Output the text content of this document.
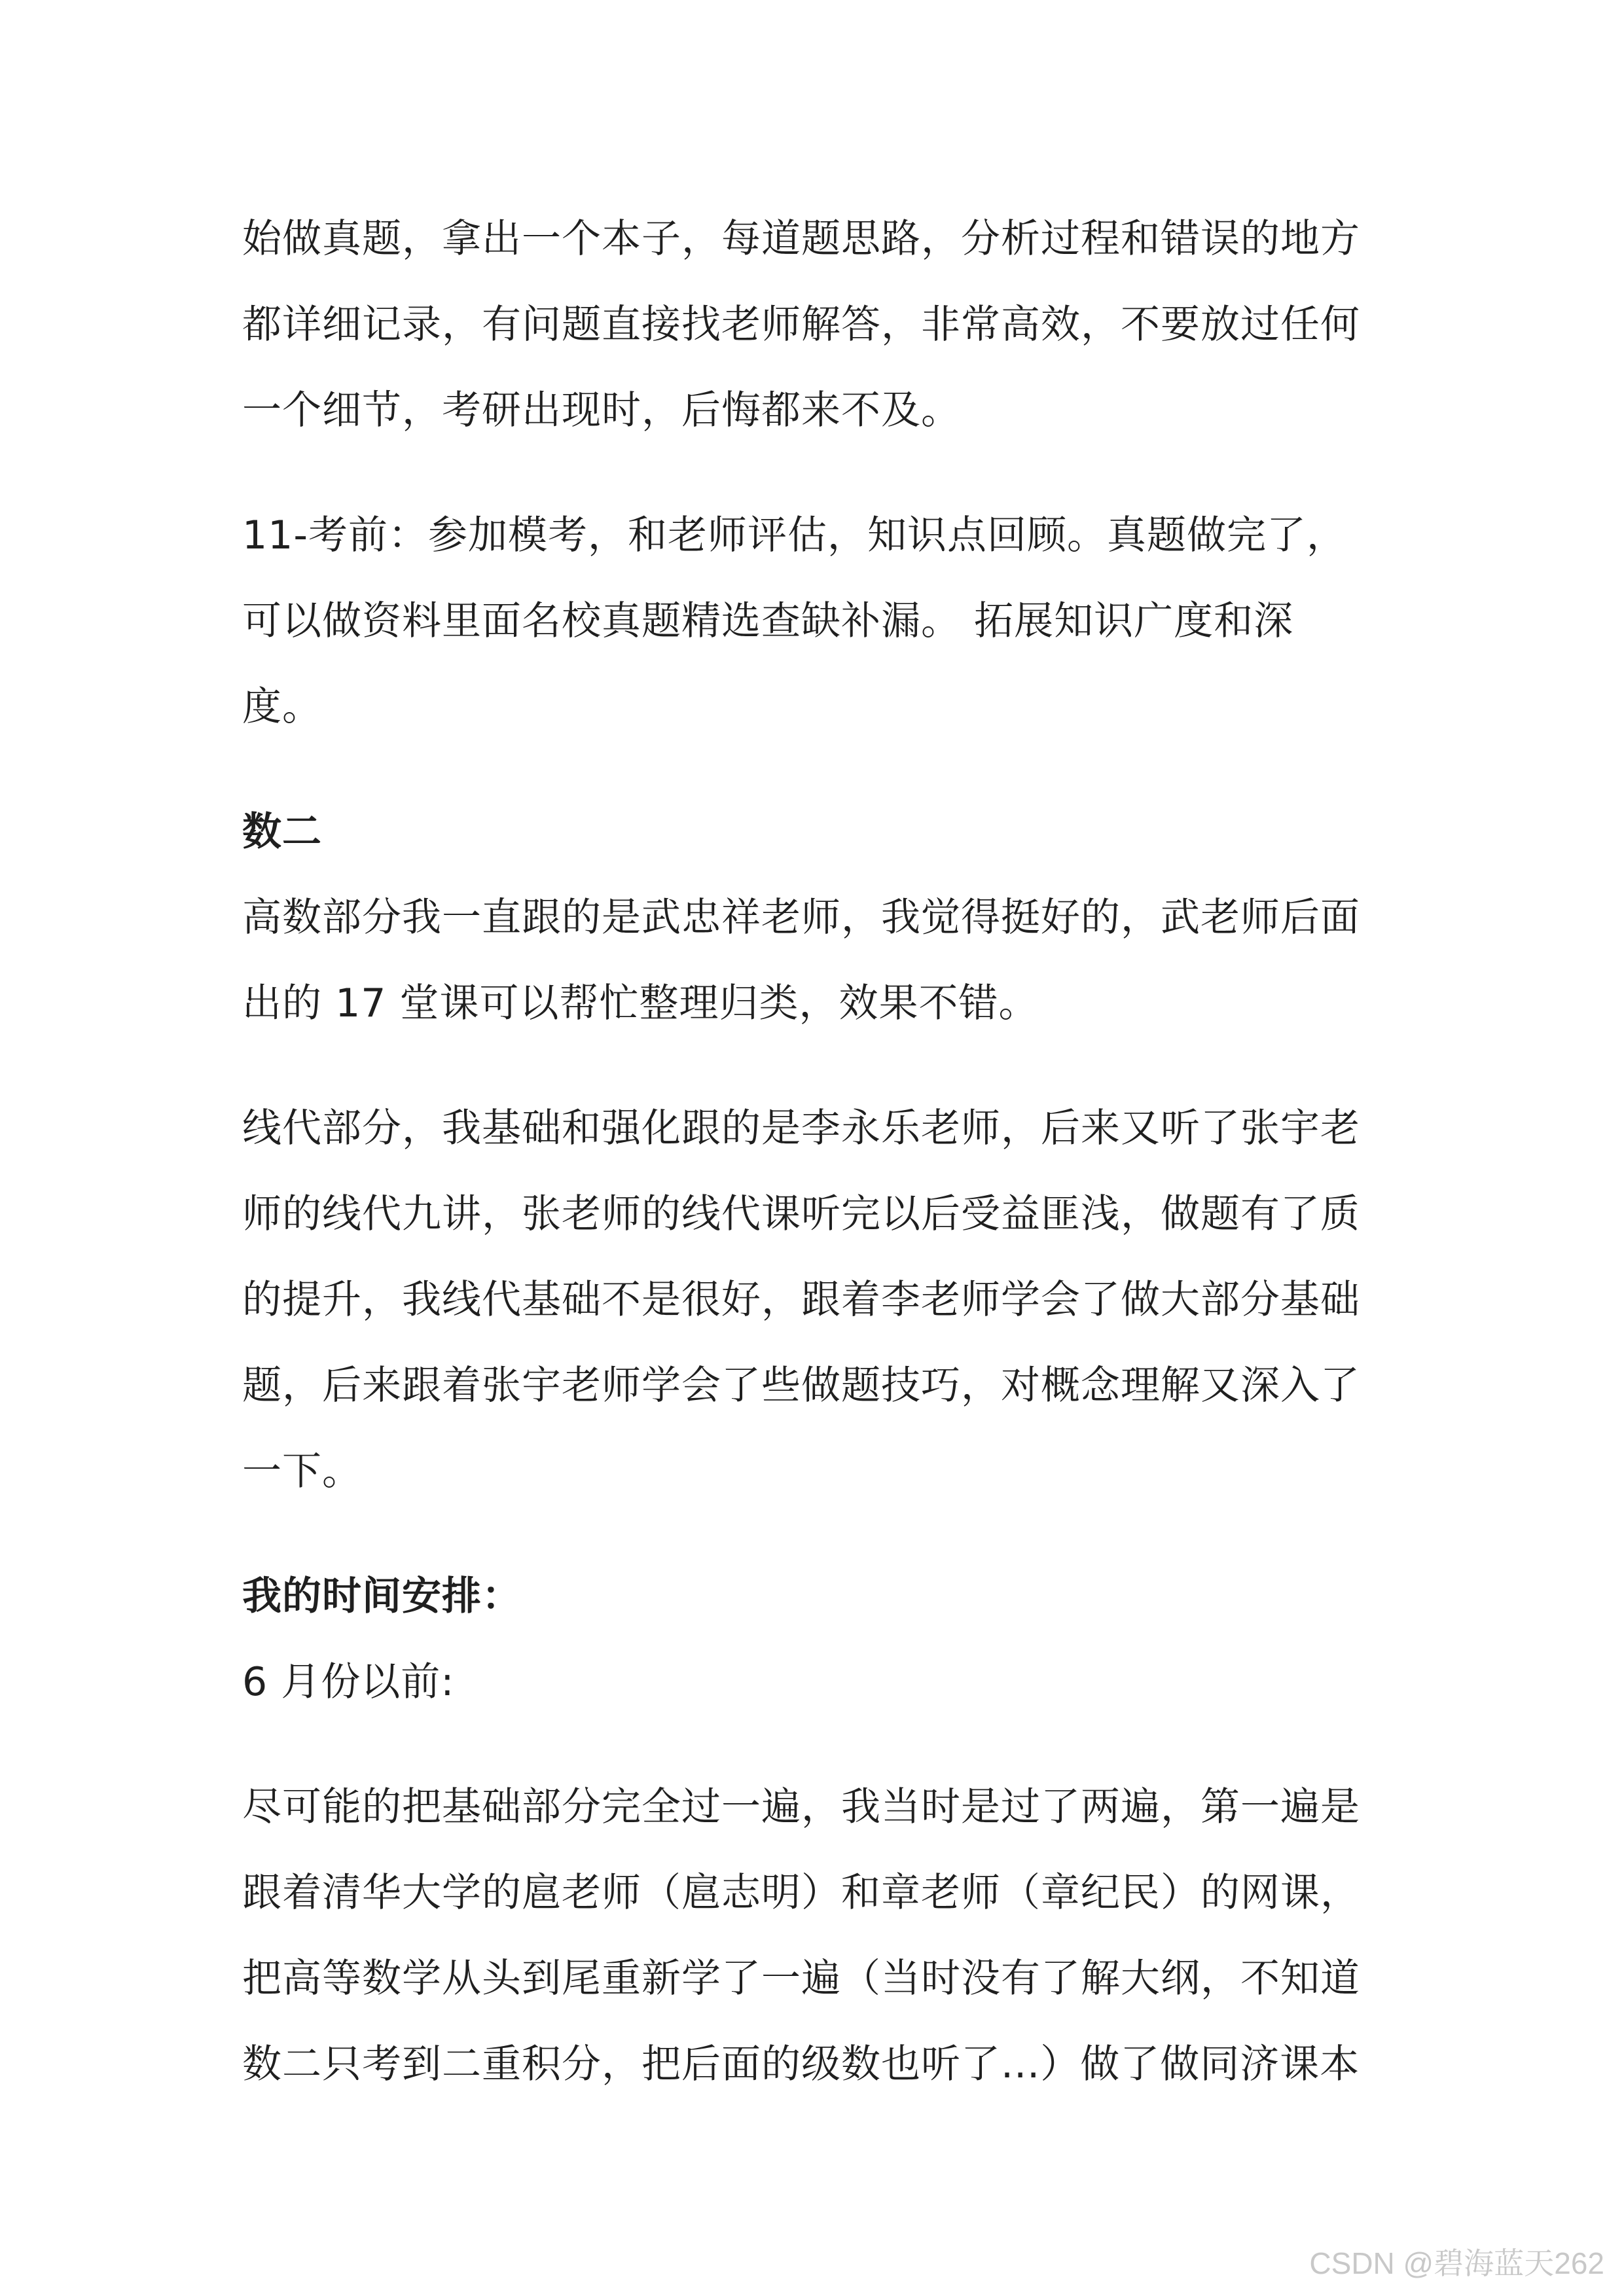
始做真题，拿出一个本子，每道题思路，分析过程和错误的地方

都详细记录，有问题直接找老师解答，非常高效，不要放过任何

一个细节，考研出现时，后悔都来不及。

11-考前：参加模考，和老师评估，知识点回顾。真题做完了，

可以做资料里面名校真题精选查缺补漏。 拓展知识广度和深

度。

数二

高数部分我一直跟的是武忠祥老师，我觉得挺好的，武老师后面

出的 17 堂课可以帮忙整理归类，效果不错。

线代部分，我基础和强化跟的是李永乐老师，后来又听了张宇老

师的线代九讲，张老师的线代课听完以后受益匪浅，做题有了质

的提升，我线代基础不是很好，跟着李老师学会了做大部分基础

题，后来跟着张宇老师学会了些做题技巧，对概念理解又深入了

一下。

我的时间安排：

6 月份以前:

尽可能的把基础部分完全过一遍，我当时是过了两遍，第一遍是

跟着清华大学的扈老师（扈志明）和章老师（章纪民）的网课，

把高等数学从头到尾重新学了一遍（当时没有了解大纲，不知道

数二只考到二重积分，把后面的级数也听了...）做了做同济课本

CSDN @碧海蓝天262
